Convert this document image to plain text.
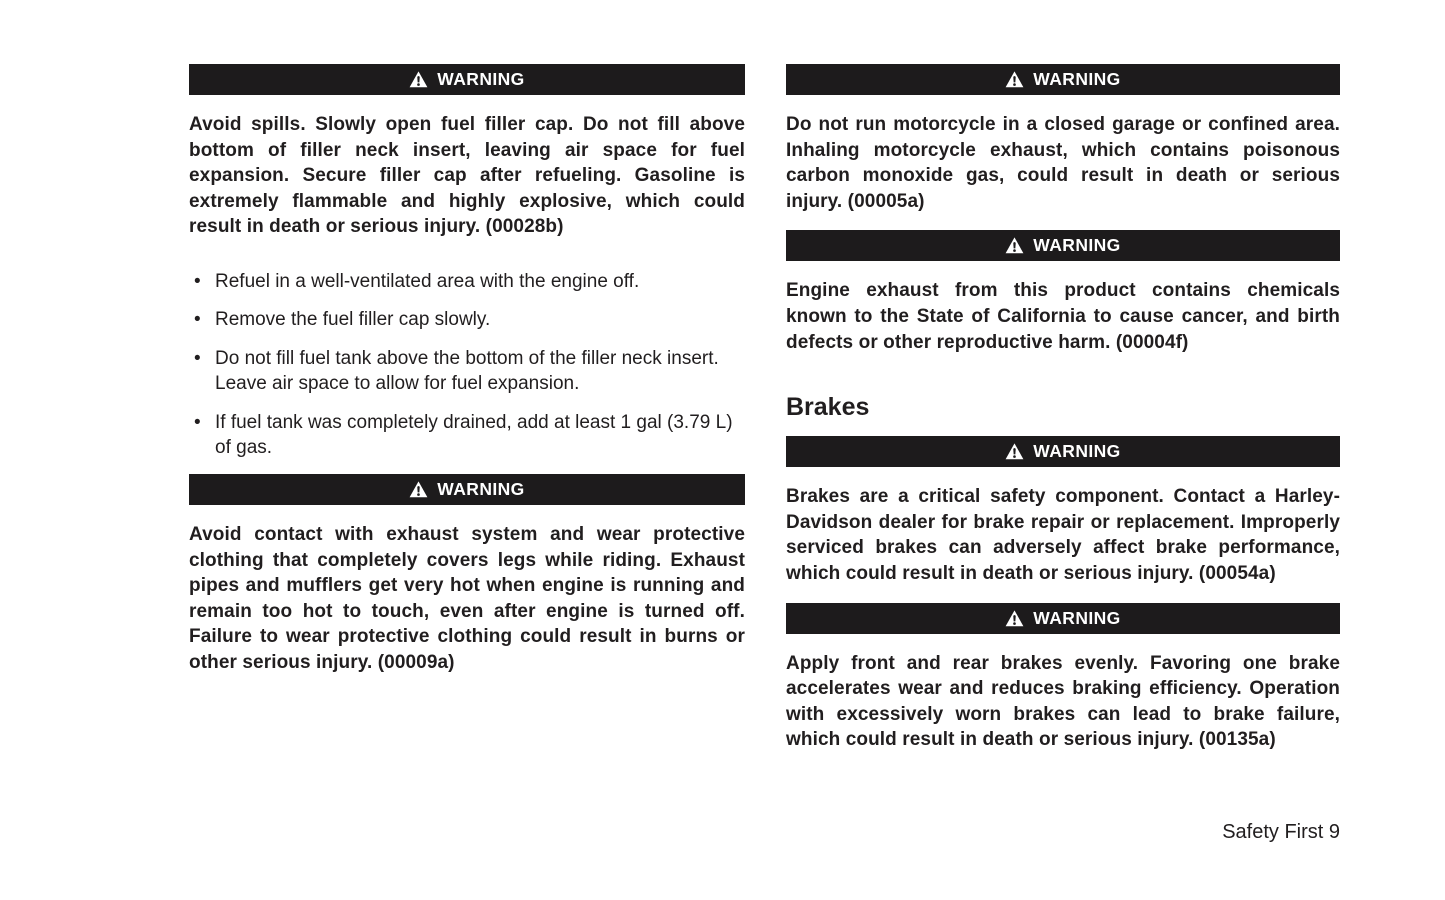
WARNING

Avoid spills. Slowly open fuel filler cap. Do not fill above bottom of filler neck insert, leaving air space for fuel expansion. Secure filler cap after refueling. Gasoline is extremely flammable and highly explosive, which could result in death or serious injury. (00028b)

• Refuel in a well-ventilated area with the engine off.
• Remove the fuel filler cap slowly.
• Do not fill fuel tank above the bottom of the filler neck insert. Leave air space to allow for fuel expansion.
• If fuel tank was completely drained, add at least 1 gal (3.79 L) of gas.
WARNING

Avoid contact with exhaust system and wear protective clothing that completely covers legs while riding. Exhaust pipes and mufflers get very hot when engine is running and remain too hot to touch, even after engine is turned off. Failure to wear protective clothing could result in burns or other serious injury. (00009a)

WARNING

Do not run motorcycle in a closed garage or confined area. Inhaling motorcycle exhaust, which contains poisonous carbon monoxide gas, could result in death or serious injury. (00005a)

WARNING

Engine exhaust from this product contains chemicals known to the State of California to cause cancer, and birth defects or other reproductive harm. (00004f)

Brakes
WARNING

Brakes are a critical safety component. Contact a Harley-Davidson dealer for brake repair or replacement. Improperly serviced brakes can adversely affect brake performance, which could result in death or serious injury. (00054a)

WARNING

Apply front and rear brakes evenly. Favoring one brake accelerates wear and reduces braking efficiency. Operation with excessively worn brakes can lead to brake failure, which could result in death or serious injury. (00135a)

Safety First 9
